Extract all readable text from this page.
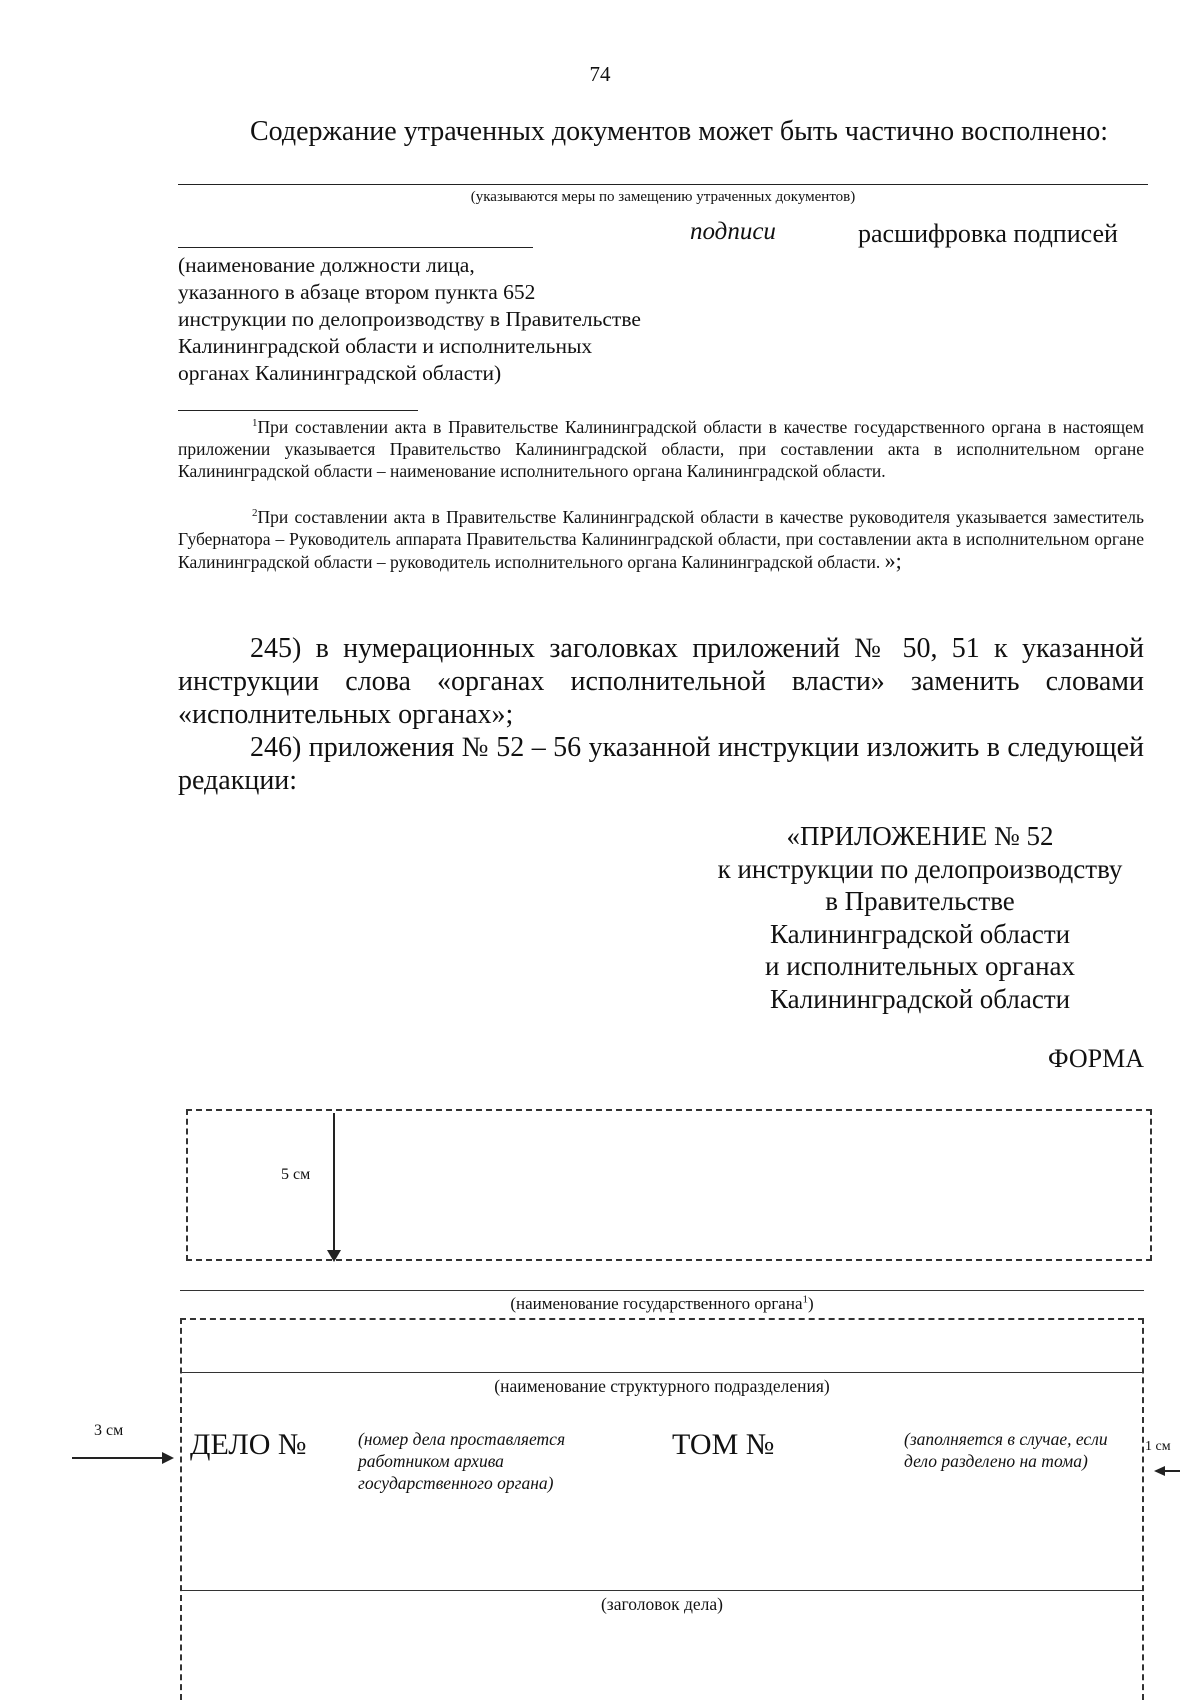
74
Содержание утраченных документов может быть частично восполнено:
(указываются меры по замещению утраченных документов)
подписи	расшифровка подписей
(наименование должности лица,
указанного в абзаце втором пункта 652
инструкции по делопроизводству в Правительстве
Калининградской области и исполнительных
органах Калининградской области)
$^1$При составлении акта в Правительстве Калининградской области в качестве государственного органа в настоящем приложении указывается Правительство Калининградской области, при составлении акта в исполнительном органе Калининградской области – наименование исполнительного органа Калининградской области.
$^2$При составлении акта в Правительстве Калининградской области в качестве руководителя указывается заместитель Губернатора – Руководитель аппарата Правительства Калининградской области, при составлении акта в исполнительном органе Калининградской области – руководитель исполнительного органа Калининградской области. »;
245) в нумерационных заголовках приложений № 50, 51 к указанной инструкции слова «органах исполнительной власти» заменить словами «исполнительных органах»;
246) приложения № 52 – 56 указанной инструкции изложить в следующей редакции:
«ПРИЛОЖЕНИЕ № 52
к инструкции по делопроизводству
в Правительстве
Калининградской области
и исполнительных органах
Калининградской области
ФОРМА
5 см
(наименование государственного органа$^1$)
(наименование структурного подразделения)
3 см ДЕЛО №	(номер дела проставляется
работником архива
государственного органа)
ТОМ №	(заполняется в случае, если
дело разделено на тома)
1 см
(заголовок дела)
